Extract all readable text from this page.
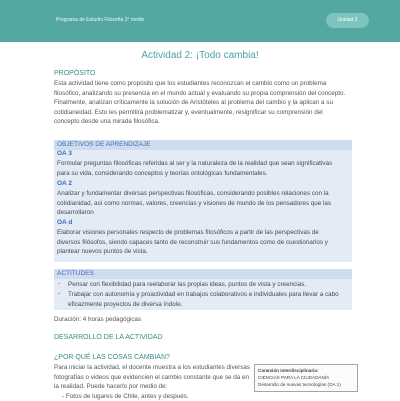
Programa de Estudio Filosofía 3° medio	Unidad 2
Actividad 2: ¡Todo cambia!
PROPÓSITO
Esta actividad tiene como propósito que los estudiantes reconozcan el cambio como un problema
filosófico, analizando su presencia en el mundo actual y evaluando su propia comprensión del concepto.
Finalmente, analizan críticamente la solución de Aristóteles al problema del cambio y la aplican a su
cotidianeidad. Esto les permitirá problematizar y, eventualmente, resignificar su comprensión del
concepto desde una mirada filosófica.
OBJETIVOS DE APRENDIZAJE
OA 3
Formular preguntas filosóficas referidas al ser y la naturaleza de la realidad que sean significativas
para su vida, considerando conceptos y teorías ontológicas fundamentales.
OA 2
Analizar y fundamentar diversas perspectivas filosóficas, considerando posibles relaciones con la
cotidianidad, así como normas, valores, creencias y visiones de mundo de los pensadores que las
desarrollaron
OA d
Elaborar visiones personales respecto de problemas filosóficos a partir de las perspectivas de
diversos filósofos, siendo capaces tanto de reconstruir sus fundamentos como de cuestionarlos y
plantear nuevos puntos de vista.
ACTITUDES
- Pensar con flexibilidad para reelaborar las propias ideas, puntos de vista y creencias.
- Trabajar con autonomía y proactividad en trabajos colaborativos e individuales para llevar a cabo
eficazmente proyectos de diversa índole.
Duración: 4 horas pedagógicas
DESARROLLO DE LA ACTIVIDAD
¿POR QUÉ LAS COSAS CAMBIAN?
Para iniciar la actividad, el docente muestra a los estudiantes diversas
fotografías o videos que evidencien el cambio constante que se da en
la realidad. Puede hacerlo por medio de:
- Fotos de lugares de Chile, antes y después.
Conexión interdisciplinaria:
CIENCIAS PARA LA CIUDADANÍA
Desarrollo de nuevas tecnologías (OA 1)
